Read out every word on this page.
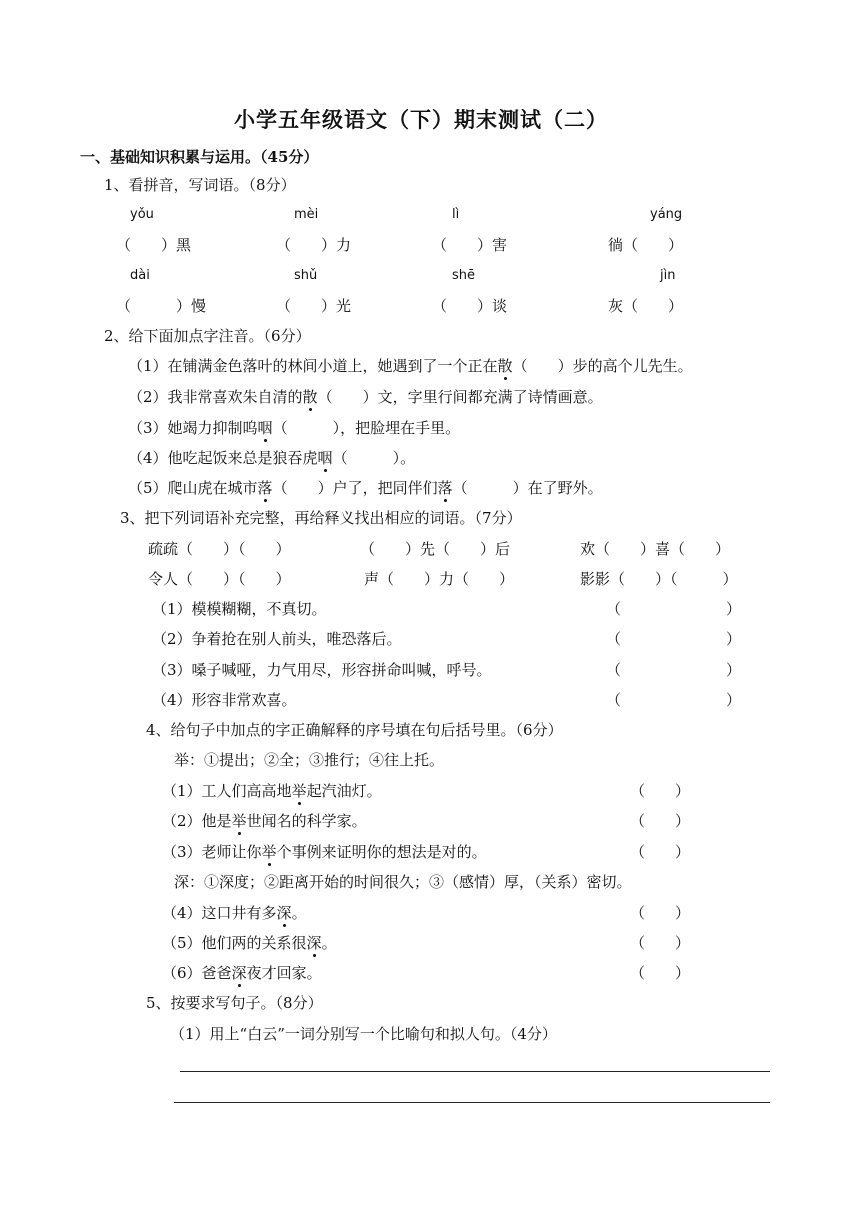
小学五年级语文（下）期末测试（二）
一、基础知识积累与运用。（45分）
1、看拼音，写词语。（8分）
yǒu	mèi	lì	yáng
（　　）黑	（　　）力	（　　）害	徜（　　）
dài	shǔ	shē	jìn
（　　　）慢	（　　）光	（　　）谈	灰（　　）
2、给下面加点字注音。（6分）
（1）在铺满金色落叶的林间小道上，她遇到了一个正在散（　　）步的高个儿先生。
（2）我非常喜欢朱自清的散（　　）文，字里行间都充满了诗情画意。
（3）她竭力抑制呜咽（　　　），把脸埋在手里。
（4）他吃起饭来总是狼吞虎咽（　　　）。
（5）爬山虎在城市落（　　）户了，把同伴们落（　　　）在了野外。
3、把下列词语补充完整，再给释义找出相应的词语。（7分）
疏疏（　　）（　　）	（　　）先（　　）后	欢（　　）喜（　　）
令人（　　）（　　）	声（　　）力（　　）	影影（　　）（　　　）
（1）模模糊糊，不真切。	（　　　　　　　）
（2）争着抢在别人前头，唯恐落后。	（　　　　　　　）
（3）嗓子喊哑，力气用尽，形容拼命叫喊，呼号。	（　　　　　　　）
（4）形容非常欢喜。	（　　　　　　　）
4、给句子中加点的字正确解释的序号填在句后括号里。（6分）
举：①提出；②全；③推行；④往上托。
（1）工人们高高地举起汽油灯。	（　　）
（2）他是举世闻名的科学家。	（　　）
（3）老师让你举个事例来证明你的想法是对的。	（　　）
深：①深度；②距离开始的时间很久；③（感情）厚，（关系）密切。
（4）这口井有多深。	（　　）
（5）他们两的关系很深。	（　　）
（6）爸爸深夜才回家。	（　　）
5、按要求写句子。（8分）
（1）用上“白云”一词分别写一个比喻句和拟人句。（4分）
